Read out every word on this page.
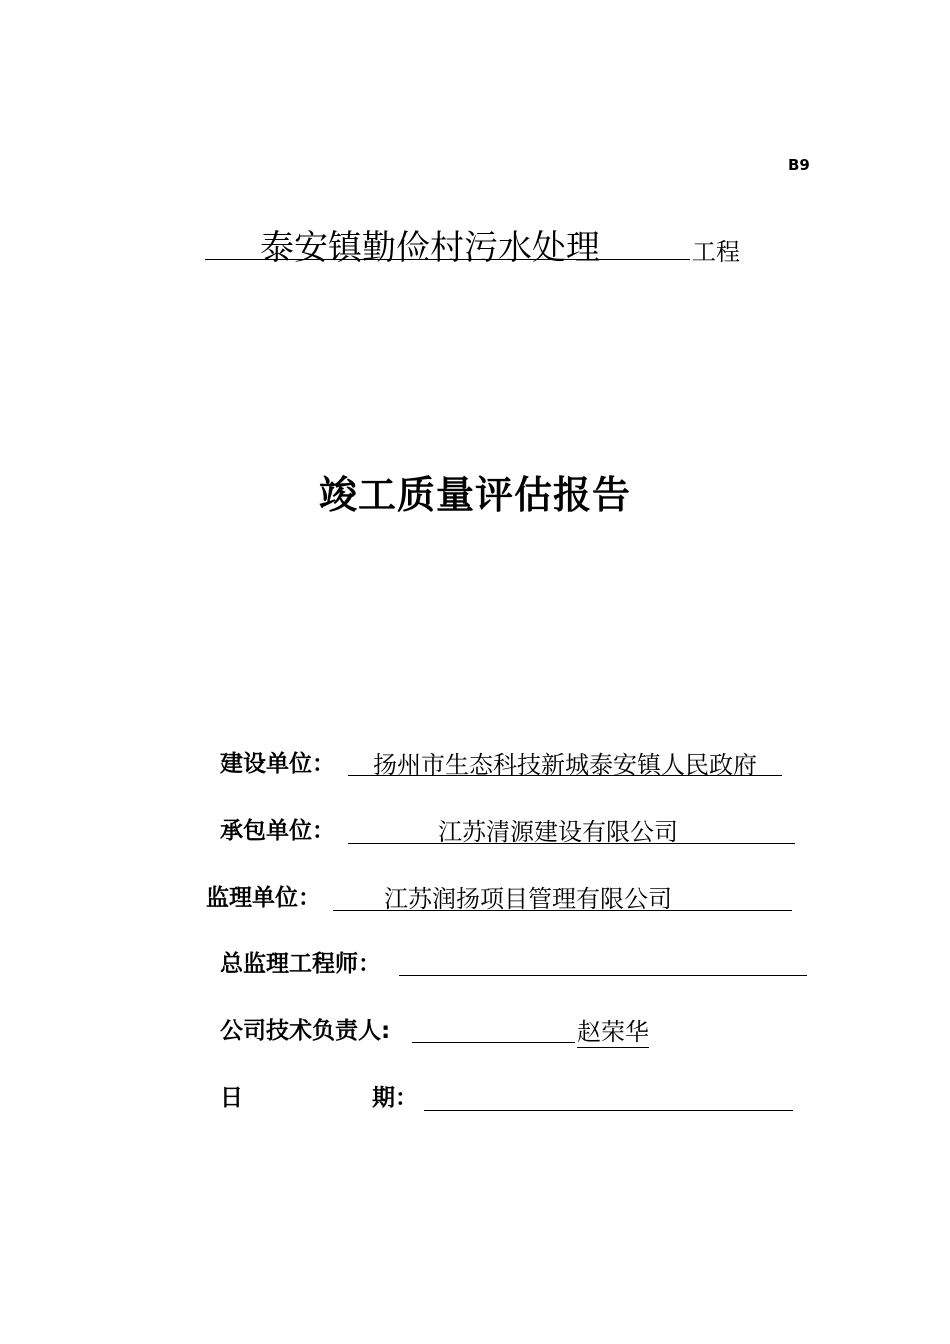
B9
泰安镇勤俭村污水处理	工程
竣工质量评估报告
建设单位： 扬州市生态科技新城泰安镇人民政府
承包单位：	江苏清源建设有限公司
监理单位：	江苏润扬项目管理有限公司
总监理工程师：
公司技术负责人:	赵荣华
日	期：
